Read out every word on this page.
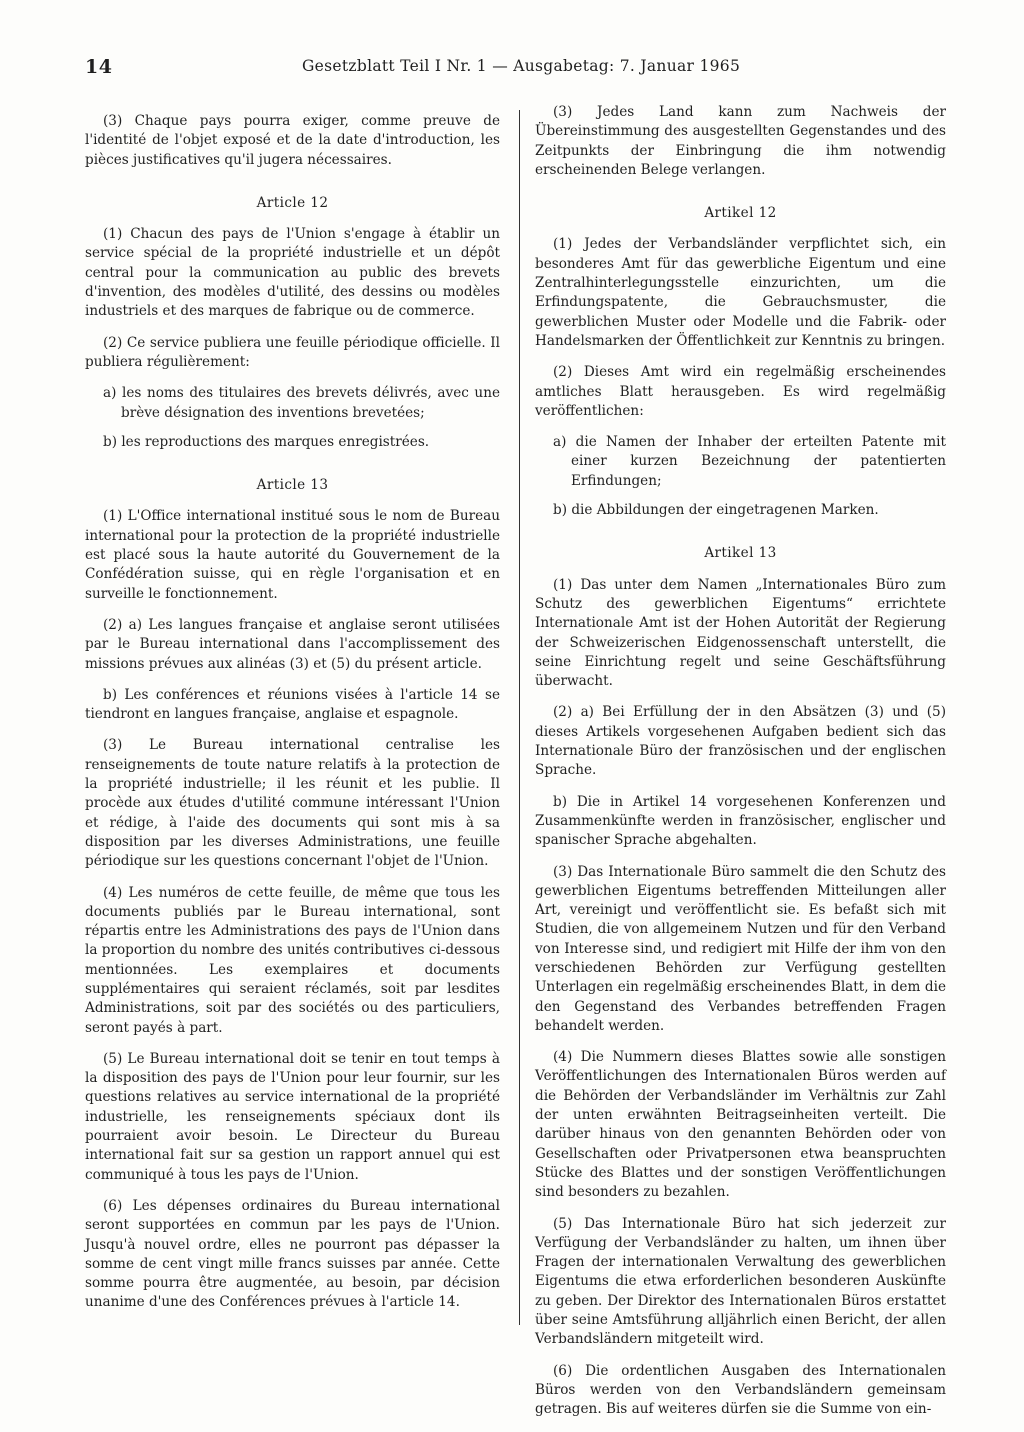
14	Gesetzblatt Teil I Nr. 1 — Ausgabetag: 7. Januar 1965

(3) Chaque pays pourra exiger, comme preuve de l'identité de l'objet exposé et de la date d'introduction, les pièces justificatives qu'il jugera nécessaires.

Article 12

(1) Chacun des pays de l'Union s'engage à établir un service spécial de la propriété industrielle et un dépôt central pour la communication au public des brevets d'invention, des modèles d'utilité, des dessins ou modèles industriels et des marques de fabrique ou de commerce.

(2) Ce service publiera une feuille périodique officielle. Il publiera régulièrement:

a) les noms des titulaires des brevets délivrés, avec une brève désignation des inventions brevetées;

b) les reproductions des marques enregistrées.

Article 13

(1) L'Office international institué sous le nom de Bureau international pour la protection de la propriété industrielle est placé sous la haute autorité du Gouvernement de la Confédération suisse, qui en règle l'organisation et en surveille le fonctionnement.

(2) a) Les langues française et anglaise seront utilisées par le Bureau international dans l'accomplissement des missions prévues aux alinéas (3) et (5) du présent article.

b) Les conférences et réunions visées à l'article 14 se tiendront en langues française, anglaise et espagnole.

(3) Le Bureau international centralise les renseignements de toute nature relatifs à la protection de la propriété industrielle; il les réunit et les publie. Il procède aux études d'utilité commune intéressant l'Union et rédige, à l'aide des documents qui sont mis à sa disposition par les diverses Administrations, une feuille périodique sur les questions concernant l'objet de l'Union.

(4) Les numéros de cette feuille, de même que tous les documents publiés par le Bureau international, sont répartis entre les Administrations des pays de l'Union dans la proportion du nombre des unités contributives ci-dessous mentionnées. Les exemplaires et documents supplémentaires qui seraient réclamés, soit par lesdites Administrations, soit par des sociétés ou des particuliers, seront payés à part.

(5) Le Bureau international doit se tenir en tout temps à la disposition des pays de l'Union pour leur fournir, sur les questions relatives au service international de la propriété industrielle, les renseignements spéciaux dont ils pourraient avoir besoin. Le Directeur du Bureau international fait sur sa gestion un rapport annuel qui est communiqué à tous les pays de l'Union.

(6) Les dépenses ordinaires du Bureau international seront supportées en commun par les pays de l'Union. Jusqu'à nouvel ordre, elles ne pourront pas dépasser la somme de cent vingt mille francs suisses par année. Cette somme pourra être augmentée, au besoin, par décision unanime d'une des Conférences prévues à l'article 14.

(3) Jedes Land kann zum Nachweis der Übereinstimmung des ausgestellten Gegenstandes und des Zeitpunkts der Einbringung die ihm notwendig erscheinenden Belege verlangen.

Artikel 12

(1) Jedes der Verbandsländer verpflichtet sich, ein besonderes Amt für das gewerbliche Eigentum und eine Zentralhinterlegungsstelle einzurichten, um die Erfindungspatente, die Gebrauchsmuster, die gewerblichen Muster oder Modelle und die Fabrik- oder Handelsmarken der Öffentlichkeit zur Kenntnis zu bringen.

(2) Dieses Amt wird ein regelmäßig erscheinendes amtliches Blatt herausgeben. Es wird regelmäßig veröffentlichen:

a) die Namen der Inhaber der erteilten Patente mit einer kurzen Bezeichnung der patentierten Erfindungen;

b) die Abbildungen der eingetragenen Marken.

Artikel 13

(1) Das unter dem Namen „Internationales Büro zum Schutz des gewerblichen Eigentums“ errichtete Internationale Amt ist der Hohen Autorität der Regierung der Schweizerischen Eidgenossenschaft unterstellt, die seine Einrichtung regelt und seine Geschäftsführung überwacht.

(2) a) Bei Erfüllung der in den Absätzen (3) und (5) dieses Artikels vorgesehenen Aufgaben bedient sich das Internationale Büro der französischen und der englischen Sprache.

b) Die in Artikel 14 vorgesehenen Konferenzen und Zusammenkünfte werden in französischer, englischer und spanischer Sprache abgehalten.

(3) Das Internationale Büro sammelt die den Schutz des gewerblichen Eigentums betreffenden Mitteilungen aller Art, vereinigt und veröffentlicht sie. Es befaßt sich mit Studien, die von allgemeinem Nutzen und für den Verband von Interesse sind, und redigiert mit Hilfe der ihm von den verschiedenen Behörden zur Verfügung gestellten Unterlagen ein regelmäßig erscheinendes Blatt, in dem die den Gegenstand des Verbandes betreffenden Fragen behandelt werden.

(4) Die Nummern dieses Blattes sowie alle sonstigen Veröffentlichungen des Internationalen Büros werden auf die Behörden der Verbandsländer im Verhältnis zur Zahl der unten erwähnten Beitragseinheiten verteilt. Die darüber hinaus von den genannten Behörden oder von Gesellschaften oder Privatpersonen etwa beanspruchten Stücke des Blattes und der sonstigen Veröffentlichungen sind besonders zu bezahlen.

(5) Das Internationale Büro hat sich jederzeit zur Verfügung der Verbandsländer zu halten, um ihnen über Fragen der internationalen Verwaltung des gewerblichen Eigentums die etwa erforderlichen besonderen Auskünfte zu geben. Der Direktor des Internationalen Büros erstattet über seine Amtsführung alljährlich einen Bericht, der allen Verbandsländern mitgeteilt wird.

(6) Die ordentlichen Ausgaben des Internationalen Büros werden von den Verbandsländern gemeinsam getragen. Bis auf weiteres dürfen sie die Summe von ein-
